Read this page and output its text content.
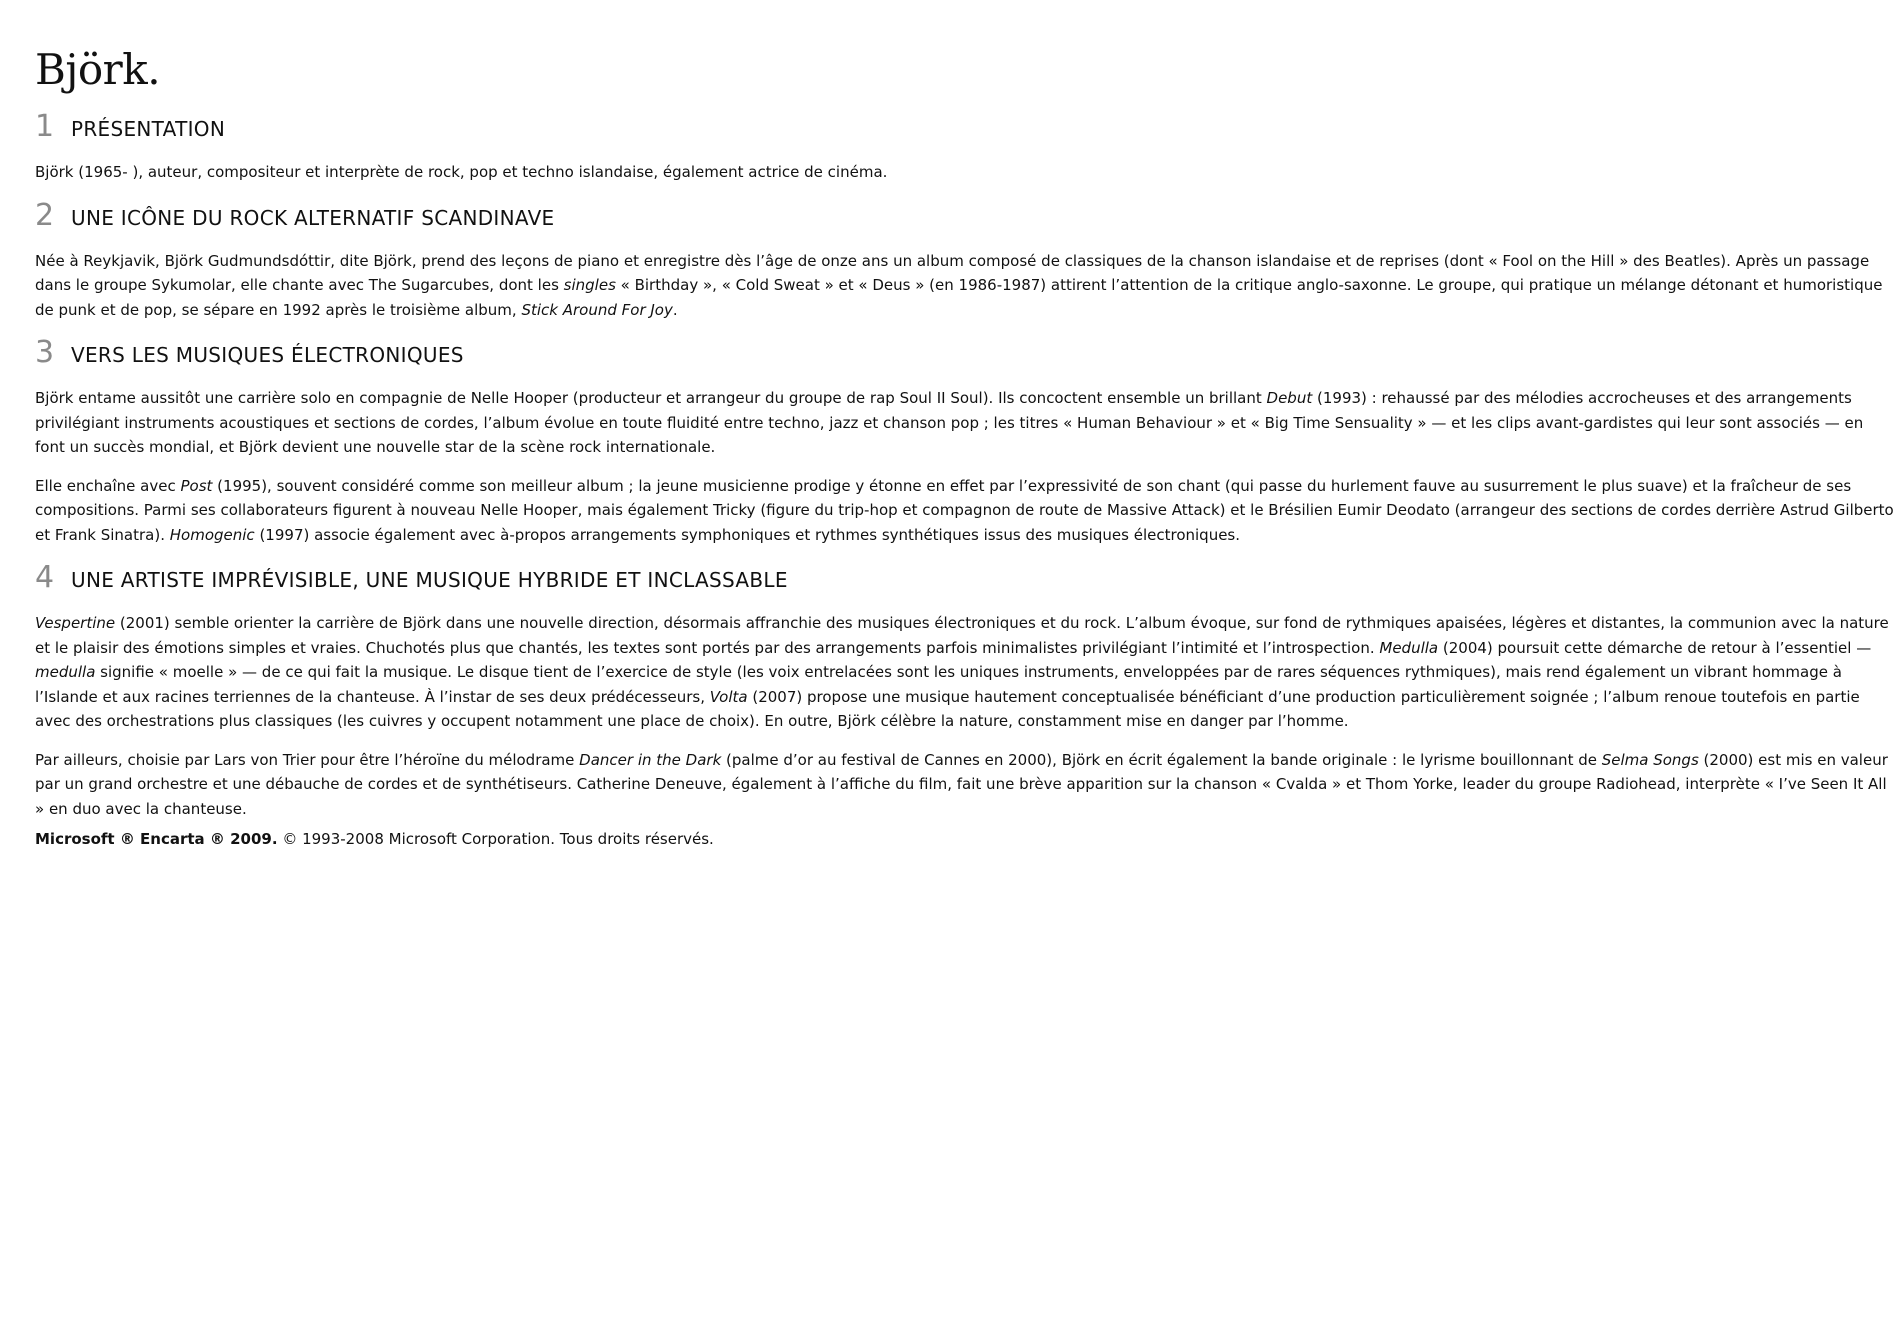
Björk.
1 PRÉSENTATION

Björk (1965- ), auteur, compositeur et interprète de rock, pop et techno islandaise, également actrice de cinéma.

2 UNE ICÔNE DU ROCK ALTERNATIF SCANDINAVE

Née à Reykjavik, Björk Gudmundsdóttir, dite Björk, prend des leçons de piano et enregistre dès l’âge de onze ans un album composé de classiques de la chanson islandaise et de reprises (dont « Fool on the Hill » des Beatles). Après un passage dans le groupe Sykumolar, elle chante avec The Sugarcubes, dont les singles « Birthday », « Cold Sweat » et « Deus » (en 1986-1987) attirent l’attention de la critique anglo-saxonne. Le groupe, qui pratique un mélange détonant et humoristique de punk et de pop, se sépare en 1992 après le troisième album, Stick Around For Joy.

3 VERS LES MUSIQUES ÉLECTRONIQUES

Björk entame aussitôt une carrière solo en compagnie de Nelle Hooper (producteur et arrangeur du groupe de rap Soul II Soul). Ils concoctent ensemble un brillant Debut (1993) : rehaussé par des mélodies accrocheuses et des arrangements privilégiant instruments acoustiques et sections de cordes, l’album évolue en toute fluidité entre techno, jazz et chanson pop ; les titres « Human Behaviour » et « Big Time Sensuality » — et les clips avant-gardistes qui leur sont associés — en font un succès mondial, et Björk devient une nouvelle star de la scène rock internationale.

Elle enchaîne avec Post (1995), souvent considéré comme son meilleur album ; la jeune musicienne prodige y étonne en effet par l’expressivité de son chant (qui passe du hurlement fauve au susurrement le plus suave) et la fraîcheur de ses compositions. Parmi ses collaborateurs figurent à nouveau Nelle Hooper, mais également Tricky (figure du trip-hop et compagnon de route de Massive Attack) et le Brésilien Eumir Deodato (arrangeur des sections de cordes derrière Astrud Gilberto et Frank Sinatra). Homogenic (1997) associe également avec à-propos arrangements symphoniques et rythmes synthétiques issus des musiques électroniques.

4 UNE ARTISTE IMPRÉVISIBLE, UNE MUSIQUE HYBRIDE ET INCLASSABLE

Vespertine (2001) semble orienter la carrière de Björk dans une nouvelle direction, désormais affranchie des musiques électroniques et du rock. L’album évoque, sur fond de rythmiques apaisées, légères et distantes, la communion avec la nature et le plaisir des émotions simples et vraies. Chuchotés plus que chantés, les textes sont portés par des arrangements parfois minimalistes privilégiant l’intimité et l’introspection. Medulla (2004) poursuit cette démarche de retour à l’essentiel — medulla signifie « moelle » — de ce qui fait la musique. Le disque tient de l’exercice de style (les voix entrelacées sont les uniques instruments, enveloppées par de rares séquences rythmiques), mais rend également un vibrant hommage à l’Islande et aux racines terriennes de la chanteuse. À l’instar de ses deux prédécesseurs, Volta (2007) propose une musique hautement conceptualisée bénéficiant d’une production particulièrement soignée ; l’album renoue toutefois en partie avec des orchestrations plus classiques (les cuivres y occupent notamment une place de choix). En outre, Björk célèbre la nature, constamment mise en danger par l’homme.

Par ailleurs, choisie par Lars von Trier pour être l’héroïne du mélodrame Dancer in the Dark (palme d’or au festival de Cannes en 2000), Björk en écrit également la bande originale : le lyrisme bouillonnant de Selma Songs (2000) est mis en valeur par un grand orchestre et une débauche de cordes et de synthétiseurs. Catherine Deneuve, également à l’affiche du film, fait une brève apparition sur la chanson « Cvalda » et Thom Yorke, leader du groupe Radiohead, interprète « I’ve Seen It All » en duo avec la chanteuse.

Microsoft ® Encarta ® 2009. © 1993-2008 Microsoft Corporation. Tous droits réservés.
